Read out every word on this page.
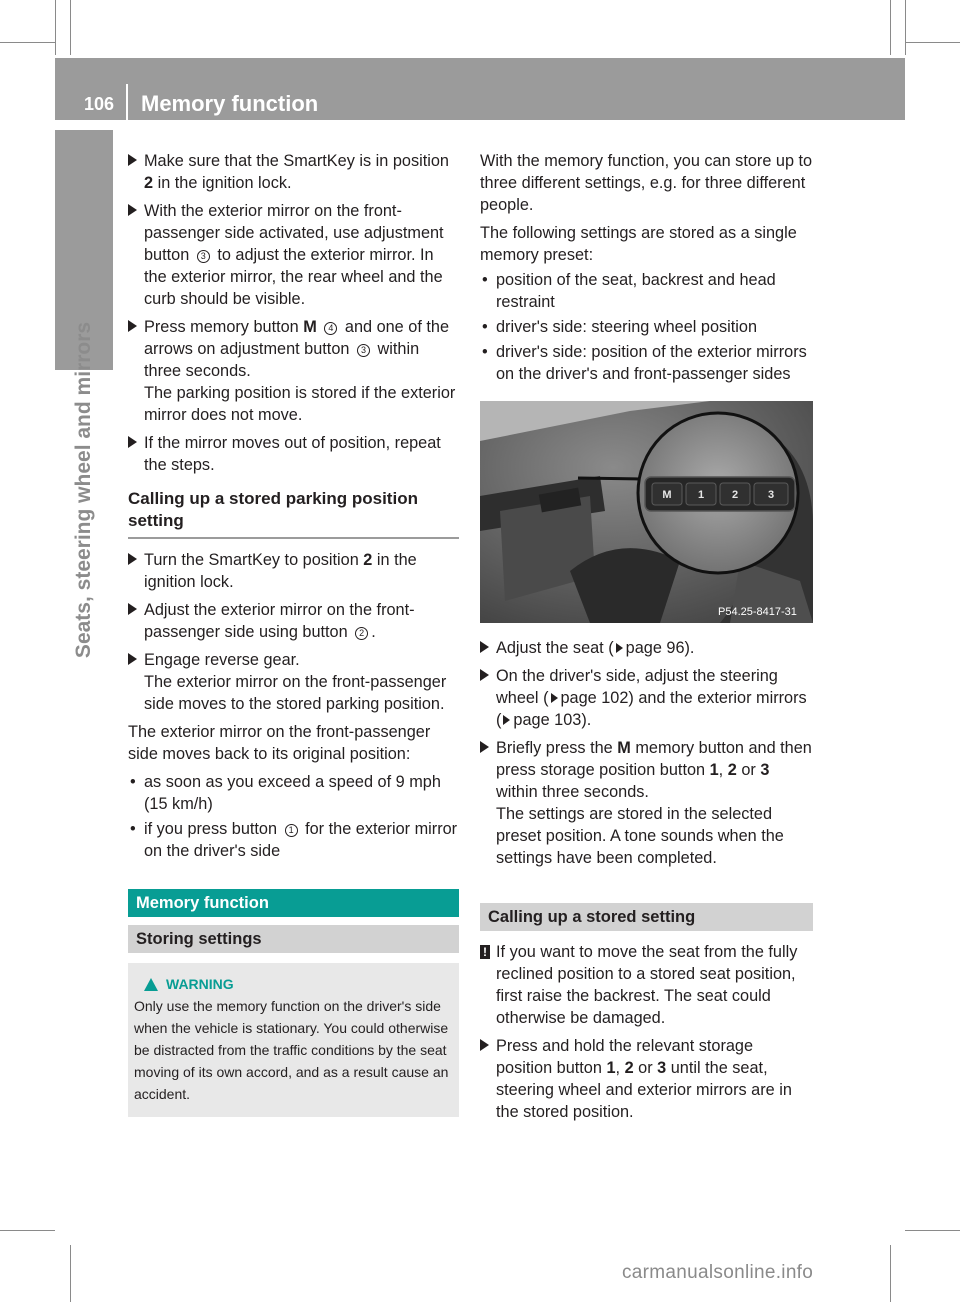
106 Memory function
Seats, steering wheel and mirrors
Make sure that the SmartKey is in position 2 in the ignition lock.
With the exterior mirror on the front-passenger side activated, use adjustment button 3 to adjust the exterior mirror. In the exterior mirror, the rear wheel and the curb should be visible.
Press memory button M 4 and one of the arrows on adjustment button 3 within three seconds.
The parking position is stored if the exterior mirror does not move.
If the mirror moves out of position, repeat the steps.
Calling up a stored parking position setting
Turn the SmartKey to position 2 in the ignition lock.
Adjust the exterior mirror on the front-passenger side using button 2 .
Engage reverse gear.
The exterior mirror on the front-passenger side moves to the stored parking position.

The exterior mirror on the front-passenger side moves back to its original position:

• as soon as you exceed a speed of 9 mph (15 km/h)
• if you press button 1 for the exterior mirror on the driver's side
Memory function
Storing settings
WARNING
Only use the memory function on the driver's side when the vehicle is stationary. You could otherwise be distracted from the traffic conditions by the seat moving of its own accord, and as a result cause an accident.

With the memory function, you can store up to three different settings, e.g. for three different people.

The following settings are stored as a single memory preset:

• position of the seat, backrest and head restraint
• driver's side: steering wheel position
• driver's side: position of the exterior mirrors on the driver's and front-passenger sides
M 1	2	3
P54.25-8417-31
Adjust the seat ( page 96).
On the driver's side, adjust the steering wheel ( page 102) and the exterior mirrors ( page 103).
Briefly press the M memory button and then press storage position button 1, 2 or 3 within three seconds.
The settings are stored in the selected preset position. A tone sounds when the settings have been completed.
Calling up a stored setting
! If you want to move the seat from the fully reclined position to a stored seat position, first raise the backrest. The seat could otherwise be damaged.
Press and hold the relevant storage position button 1, 2 or 3 until the seat, steering wheel and exterior mirrors are in the stored position.
carmanualsonline.info
